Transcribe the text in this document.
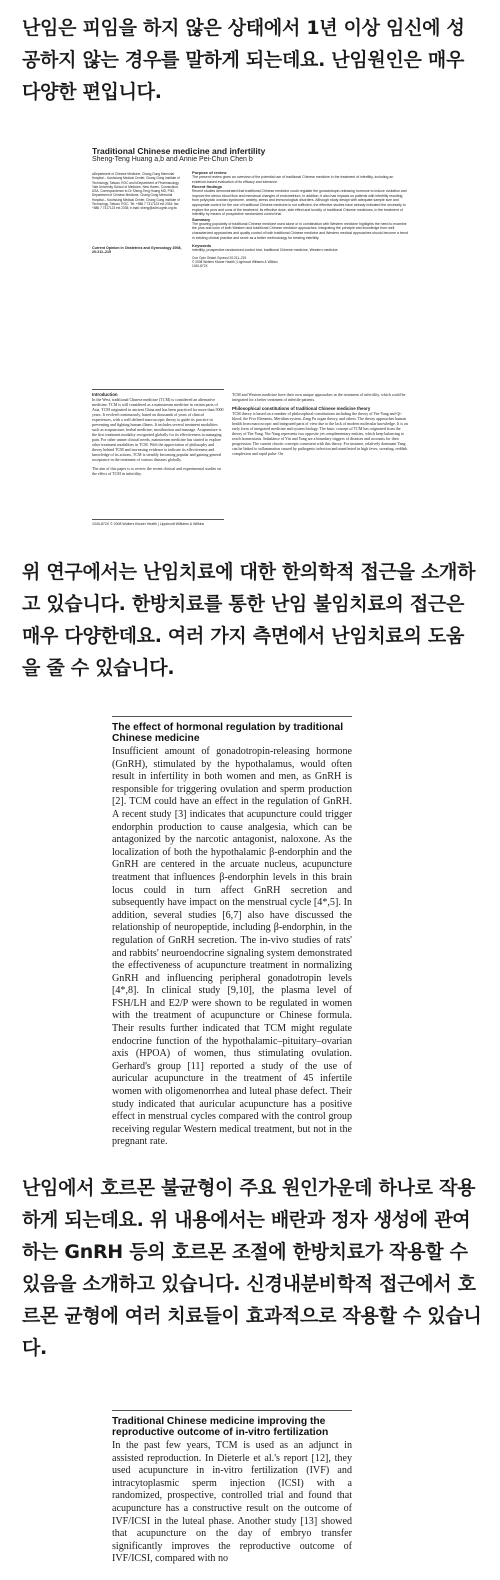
난임은 피임을 하지 않은 상태에서 1년 이상 임신에 성공하지 않는 경우를 말하게 되는데요. 난임원인은 매우 다양한 편입니다.
Traditional Chinese medicine and infertility
Sheng-Teng Huang a,b and Annie Pei-Chun Chen b
aDepartment of Chinese Medicine, Chang Gung Memorial Hospital – Kaohsiung Medical Center, Chang Gung Institute of Technology, Taiwan, ROC and bDepartment of Pharmacology, Yale University School of Medicine, New Haven, Connecticut, USA. Correspondence to Dr Sheng-Teng Huang MD, PhD, Department of Chinese Medicine, Chang Gung Memorial Hospital – Kaohsiung Medical Center, Chang Gung Institute of Technology, Taiwan, ROC. Tel: +886 7 7317123 ext 2334; fax: +886 7 7317123 ext 2335; e-mail: sheng@adm.cgmh.org.tw
Current Opinion in Obstetrics and Gynecology 2008, 20:211–215
Purpose of review
The present review gives an overview of the potential use of traditional Chinese medicine in the treatment of infertility, including an evidence-based evaluation of its efficacy and tolerance.
Recent findings
Recent studies demonstrated that traditional Chinese medicine could regulate the gonadotropin-releasing hormone to induce ovulation and improve the uterus blood flow and menstrual changes of endometrium. In addition, it also has impacts on patients with infertility resulting from polycystic ovarian syndrome, anxiety, stress and immunological disorders. Although study design with adequate sample size and appropriate control for the use of traditional Chinese medicine is not sufficient, the effective studies have already indicated the necessity to explore the pros and cons of the treatment, its effective dose, side effect and toxicity of traditional Chinese medicines, in the treatment of infertility by means of prospective randomized control trial.
Summary
The growing popularity of traditional Chinese medicine used alone or in combination with Western medicine highlights the need to examine the pros and cons of both Western and traditional Chinese medicine approaches. Integrating the principle and knowledge from well characterized approaches and quality control of both traditional Chinese medicine and Western medical approaches should become a trend in existing clinical practice and serve as a better methodology for treating infertility.
Keywords
infertility, prospective randomized control trial, traditional Chinese medicine, Western medicine
Curr Opin Obstet Gynecol 20:211–215
© 2008 Wolters Kluwer Health | Lippincott Williams & Wilkins
1040-872X
Introduction
In the West, traditional Chinese medicine (TCM) is considered an alternative medicine. TCM is still considered as a mainstream medicine in certain parts of Asia. TCM originated in ancient China and has been practiced for more than 5000 years. It evolved continuously, based on thousands of years of clinical experiences, with a well defined macroscopic theory to guide its practice in preventing and fighting human illness. It includes several treatment modalities such as acupuncture, herbal medicine, moxibustion and massage. Acupuncture is the first treatment modality recognized globally for its effectiveness in managing pain. For other unmet clinical needs, mainstream medicine has started to explore other treatment modalities in TCM. With the appreciation of philosophy and theory behind TCM and increasing evidence to indicate its effectiveness and knowledge of its actions, TCM is steadily becoming popular and gaining general acceptance in the treatment of various diseases globally.
The aim of this paper is to review the recent clinical and experimental studies on the effect of TCM in infertility.
TCM and Western medicine have their own unique approaches in the treatment of infertility, which could be integrated for a better treatment of infertile patients.
Philosophical constitutions of traditional Chinese medicine theory
TCM theory is based on a number of philosophical constitutions including the theory of Yin-Yang and Qi-blood, the Five Elements, Meridian system, Zang Fu organ theory, and others. The theory approaches human health from macroscopic and integrated parts of view due to the lack of modern molecular knowledge. It is an early form of integrated medicine and system biology. The basic concept of TCM has originated from the theory of Yin-Yang. Yin-Yang represents two opposite yet complementary entities, which keep balancing to reach homeostasis. Imbalance of Yin and Yang are a boundary triggers of diseases and accounts for their progression. The current chaotic concepts consistent with this theory. For instance, relatively dominant Yang can be linked to inflammation caused by pathogenic infection and manifested in high fever, sweating, reddish complexion and rapid pulse. On
1040-872X © 2008 Wolters Kluwer Health | Lippincott Williams & Wilkins
위 연구에서는 난임치료에 대한 한의학적 접근을 소개하고 있습니다. 한방치료를 통한 난임 불임치료의 접근은 매우 다양한데요. 여러 가지 측면에서 난임치료의 도움을 줄 수 있습니다.
The effect of hormonal regulation by traditional Chinese medicine
Insufficient amount of gonadotropin-releasing hormone (GnRH), stimulated by the hypothalamus, would often result in infertility in both women and men, as GnRH is responsible for triggering ovulation and sperm production [2]. TCM could have an effect in the regulation of GnRH. A recent study [3] indicates that acupuncture could trigger endorphin production to cause analgesia, which can be antagonized by the narcotic antagonist, naloxone. As the localization of both the hypothalamic β-endorphin and the GnRH are centered in the arcuate nucleus, acupuncture treatment that influences β-endorphin levels in this brain locus could in turn affect GnRH secretion and subsequently have impact on the menstrual cycle [4*,5]. In addition, several studies [6,7] also have discussed the relationship of neuropeptide, including β-endorphin, in the regulation of GnRH secretion. The in-vivo studies of rats' and rabbits' neuroendocrine signaling system demonstrated the effectiveness of acupuncture treatment in normalizing GnRH and influencing peripheral gonadotropin levels [4*,8]. In clinical study [9,10], the plasma level of FSH/LH and E2/P were shown to be regulated in women with the treatment of acupuncture or Chinese formula. Their results further indicated that TCM might regulate endocrine function of the hypothalamic–pituitary–ovarian axis (HPOA) of women, thus stimulating ovulation. Gerhard's group [11] reported a study of the use of auricular acupuncture in the treatment of 45 infertile women with oligomenorrhea and luteal phase defect. Their study indicated that auricular acupuncture has a positive effect in menstrual cycles compared with the control group receiving regular Western medical treatment, but not in the pregnant rate.
난임에서 호르몬 불균형이 주요 원인가운데 하나로 작용하게 되는데요. 위 내용에서는 배란과 정자 생성에 관여하는 GnRH 등의 호르몬 조절에 한방치료가 작용할 수 있음을 소개하고 있습니다. 신경내분비학적 접근에서 호르몬 균형에 여러 치료들이 효과적으로 작용할 수 있습니다.
Traditional Chinese medicine improving the reproductive outcome of in-vitro fertilization
In the past few years, TCM is used as an adjunct in assisted reproduction. In Dieterle et al.'s report [12], they used acupuncture in in-vitro fertilization (IVF) and intracytoplasmic sperm injection (ICSI) with a randomized, prospective, controlled trial and found that acupuncture has a constructive result on the outcome of IVF/ICSI in the luteal phase. Another study [13] showed that acupuncture on the day of embryo transfer significantly improves the reproductive outcome of IVF/ICSI, compared with no
